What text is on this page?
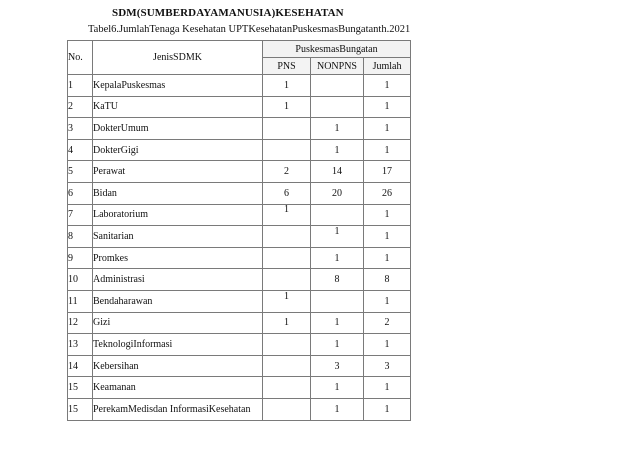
SDM(SUMBERDAYAMANUSIA)KESEHATAN
Tabel6.JumlahTenaga Kesehatan UPTKesehatanPuskesmasBungatanth.2021
No.	JenisSDMK	PuskesmasBungatan		
		PNS	NONPNS	Jumlah
1	KepalaPuskesmas	1		1
2	KaTU	1		1
3	DokterUmum		1	1
4	DokterGigi		1	1
5	Perawat	2	14	17
6	Bidan	6	20	26
7	Laboratorium	1		1
8	Sanitarian		1	1
9	Promkes		1	1
10	Administrasi		8	8
11	Bendaharawan	1		1
12	Gizi	1	1	2
13	TeknologiInformasi		1	1
14	Kebersihan		3	3
15	Keamanan		1	1
15	PerekamMedisdan InformasiKesehatan		1	1
